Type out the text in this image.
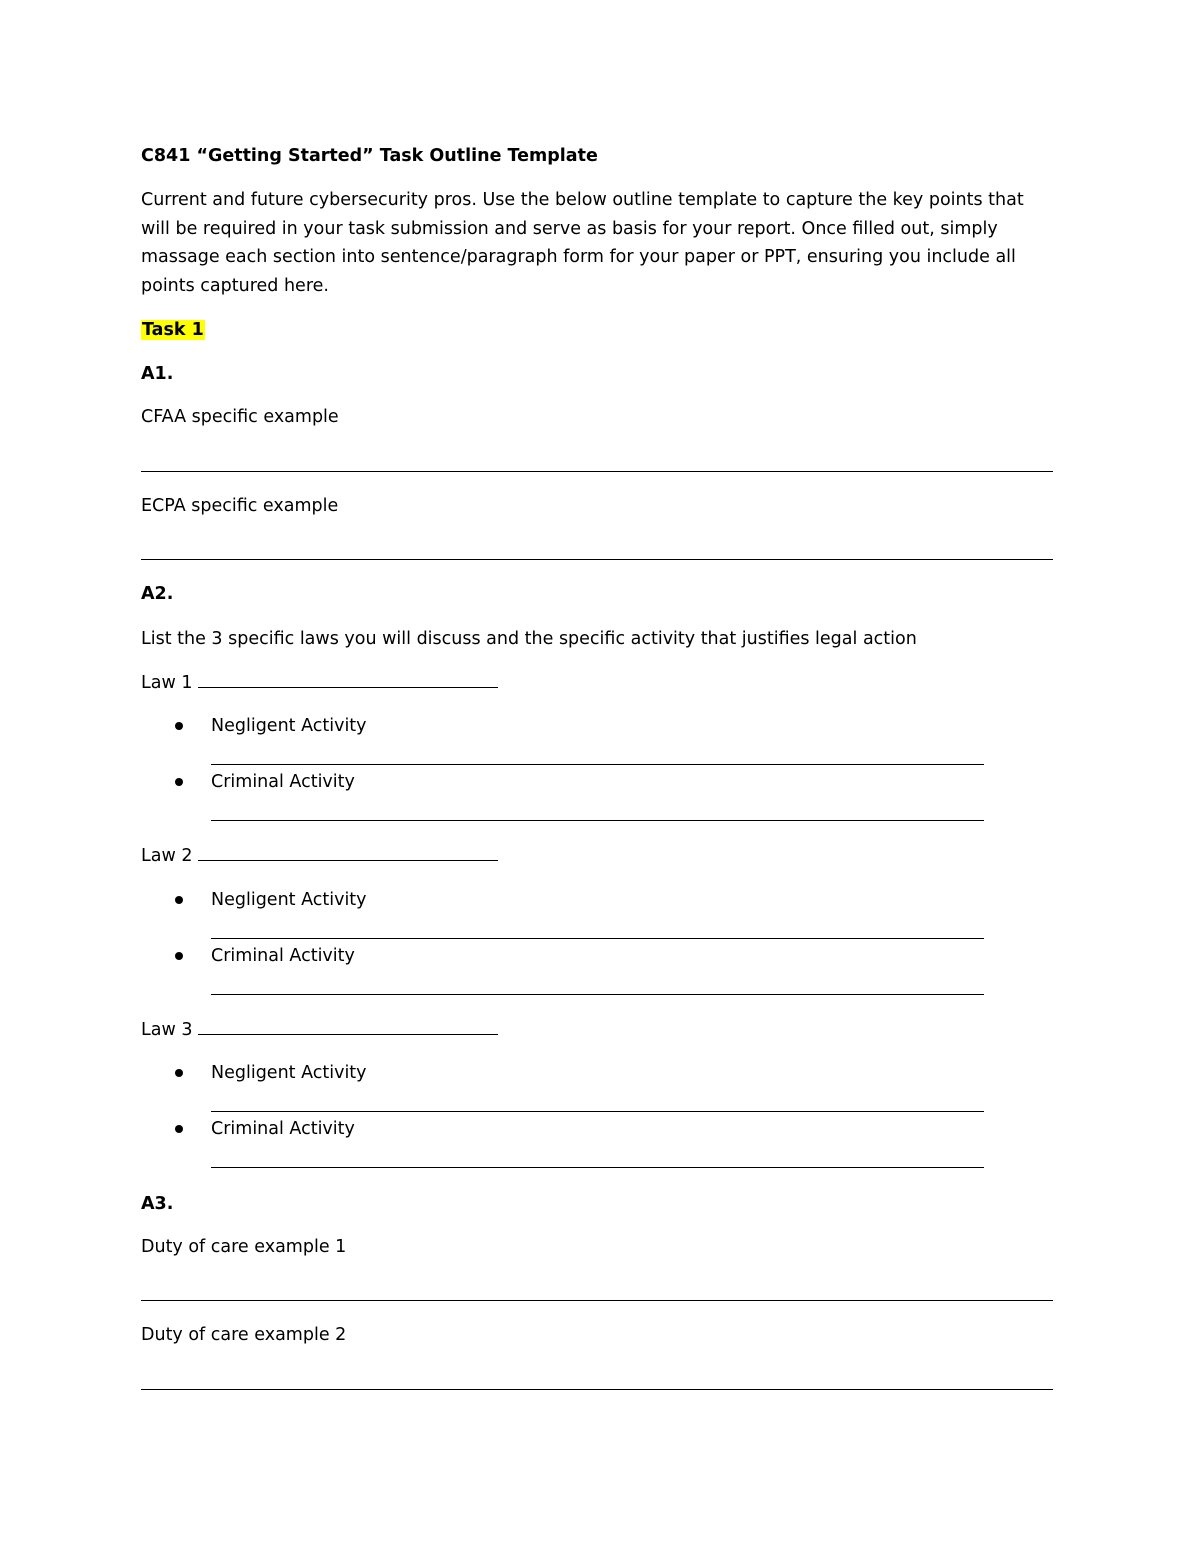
C841 “Getting Started” Task Outline Template
Current and future cybersecurity pros. Use the below outline template to capture the key points that
will be required in your task submission and serve as basis for your report. Once filled out, simply
massage each section into sentence/paragraph form for your paper or PPT, ensuring you include all
points captured here.
Task 1
A1.
CFAA specific example
ECPA specific example
A2.
List the 3 specific laws you will discuss and the specific activity that justifies legal action
Law 1
Negligent Activity
Criminal Activity
Law 2
Negligent Activity
Criminal Activity
Law 3
Negligent Activity
Criminal Activity
A3.
Duty of care example 1
Duty of care example 2
